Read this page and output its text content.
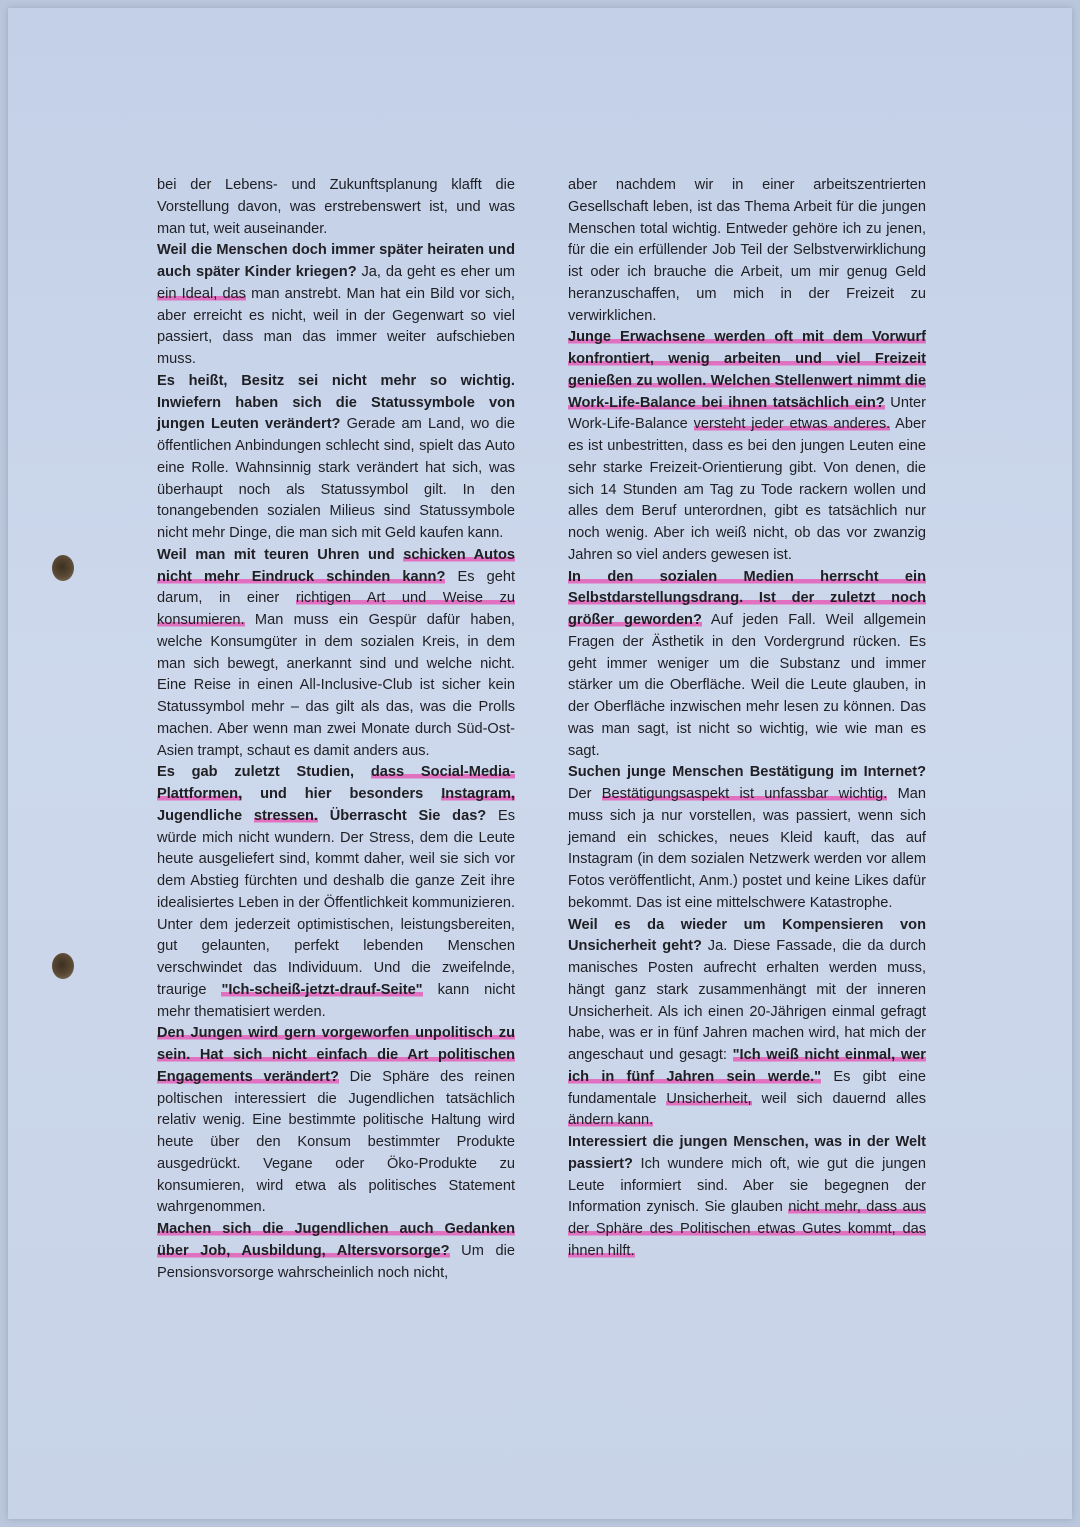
bei der Lebens- und Zukunftsplanung klafft die Vorstellung davon, was erstrebenswert ist, und was man tut, weit auseinander.

Weil die Menschen doch immer später heiraten und auch später Kinder kriegen? Ja, da geht es eher um ein Ideal, das man anstrebt. Man hat ein Bild vor sich, aber erreicht es nicht, weil in der Gegenwart so viel passiert, dass man das immer weiter aufschieben muss.

Es heißt, Besitz sei nicht mehr so wichtig. Inwiefern haben sich die Statussymbole von jungen Leuten verändert? Gerade am Land, wo die öffentlichen Anbindungen schlecht sind, spielt das Auto eine Rolle. Wahnsinnig stark verändert hat sich, was überhaupt noch als Statussymbol gilt. In den tonangebenden sozialen Milieus sind Statussymbole nicht mehr Dinge, die man sich mit Geld kaufen kann.

Weil man mit teuren Uhren und schicken Autos nicht mehr Eindruck schinden kann? Es geht darum, in einer richtigen Art und Weise zu konsumieren. Man muss ein Gespür dafür haben, welche Konsumgüter in dem sozialen Kreis, in dem man sich bewegt, anerkannt sind und welche nicht. Eine Reise in einen All-Inclusive-Club ist sicher kein Statussymbol mehr – das gilt als das, was die Prolls machen. Aber wenn man zwei Monate durch Süd-Ost-Asien trampt, schaut es damit anders aus.

Es gab zuletzt Studien, dass Social-Media-Plattformen, und hier besonders Instagram, Jugendliche stressen. Überrascht Sie das? Es würde mich nicht wundern. Der Stress, dem die Leute heute ausgeliefert sind, kommt daher, weil sie sich vor dem Abstieg fürchten und deshalb die ganze Zeit ihre idealisiertes Leben in der Öffentlichkeit kommunizieren. Unter dem jederzeit optimistischen, leistungsbereiten, gut gelaunten, perfekt lebenden Menschen verschwindet das Individuum. Und die zweifelnde, traurige "Ich-scheiß-jetzt-drauf-Seite" kann nicht mehr thematisiert werden.

Den Jungen wird gern vorgeworfen unpolitisch zu sein. Hat sich nicht einfach die Art politischen Engagements verändert? Die Sphäre des reinen poltischen interessiert die Jugendlichen tatsächlich relativ wenig. Eine bestimmte politische Haltung wird heute über den Konsum bestimmter Produkte ausgedrückt. Vegane oder Öko-Produkte zu konsumieren, wird etwa als politisches Statement wahrgenommen.

Machen sich die Jugendlichen auch Gedanken über Job, Ausbildung, Altersvorsorge? Um die Pensionsvorsorge wahrscheinlich noch nicht,

aber nachdem wir in einer arbeitszentrierten Gesellschaft leben, ist das Thema Arbeit für die jungen Menschen total wichtig. Entweder gehöre ich zu jenen, für die ein erfüllender Job Teil der Selbstverwirklichung ist oder ich brauche die Arbeit, um mir genug Geld heranzuschaffen, um mich in der Freizeit zu verwirklichen.

Junge Erwachsene werden oft mit dem Vorwurf konfrontiert, wenig arbeiten und viel Freizeit genießen zu wollen. Welchen Stellenwert nimmt die Work-Life-Balance bei ihnen tatsächlich ein? Unter Work-Life-Balance versteht jeder etwas anderes. Aber es ist unbestritten, dass es bei den jungen Leuten eine sehr starke Freizeit-Orientierung gibt. Von denen, die sich 14 Stunden am Tag zu Tode rackern wollen und alles dem Beruf unterordnen, gibt es tatsächlich nur noch wenig. Aber ich weiß nicht, ob das vor zwanzig Jahren so viel anders gewesen ist.

In den sozialen Medien herrscht ein Selbstdarstellungsdrang. Ist der zuletzt noch größer geworden? Auf jeden Fall. Weil allgemein Fragen der Ästhetik in den Vordergrund rücken. Es geht immer weniger um die Substanz und immer stärker um die Oberfläche. Weil die Leute glauben, in der Oberfläche inzwischen mehr lesen zu können. Das was man sagt, ist nicht so wichtig, wie wie man es sagt.

Suchen junge Menschen Bestätigung im Internet? Der Bestätigungsaspekt ist unfassbar wichtig. Man muss sich ja nur vorstellen, was passiert, wenn sich jemand ein schickes, neues Kleid kauft, das auf Instagram (in dem sozialen Netzwerk werden vor allem Fotos veröffentlicht, Anm.) postet und keine Likes dafür bekommt. Das ist eine mittelschwere Katastrophe.

Weil es da wieder um Kompensieren von Unsicherheit geht? Ja. Diese Fassade, die da durch manisches Posten aufrecht erhalten werden muss, hängt ganz stark zusammenhängt mit der inneren Unsicherheit. Als ich einen 20-Jährigen einmal gefragt habe, was er in fünf Jahren machen wird, hat mich der angeschaut und gesagt: "Ich weiß nicht einmal, wer ich in fünf Jahren sein werde." Es gibt eine fundamentale Unsicherheit, weil sich dauernd alles ändern kann.

Interessiert die jungen Menschen, was in der Welt passiert? Ich wundere mich oft, wie gut die jungen Leute informiert sind. Aber sie begegnen der Information zynisch. Sie glauben nicht mehr, dass aus der Sphäre des Politischen etwas Gutes kommt, das ihnen hilft.
